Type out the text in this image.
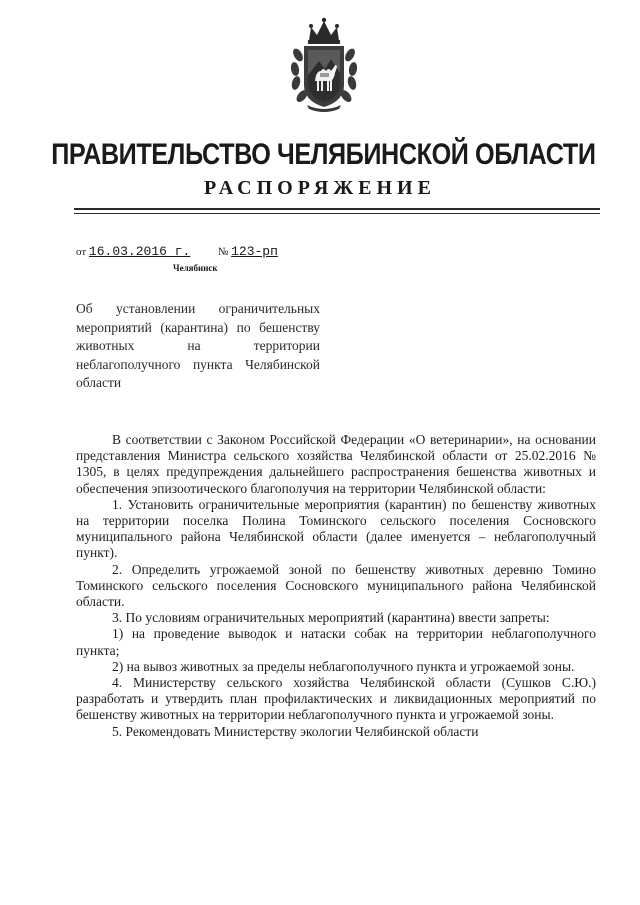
ПРАВИТЕЛЬСТВО ЧЕЛЯБИНСКОЙ ОБЛАСТИ
РАСПОРЯЖЕНИЕ
от 16.03.2016 г.	№ 123-рп
Челябинск
Об установлении ограничительных мероприятий (карантина) по бешенству животных на территории неблагополучного пункта Челябинской области

В соответствии с Законом Российской Федерации «О ветеринарии», на основании представления Министра сельского хозяйства Челябинской области от 25.02.2016 № 1305, в целях предупреждения дальнейшего распространения бешенства животных и обеспечения эпизоотического благополучия на территории Челябинской области:

1. Установить ограничительные мероприятия (карантин) по бешенству животных на территории поселка Полина Томинского сельского поселения Сосновского муниципального района Челябинской области (далее именуется – неблагополучный пункт).

2. Определить угрожаемой зоной по бешенству животных деревню Томино Томинского сельского поселения Сосновского муниципального района Челябинской области.

3. По условиям ограничительных мероприятий (карантина) ввести запреты:

1) на проведение выводок и натаски собак на территории неблагополучного пункта;

2) на вывоз животных за пределы неблагополучного пункта и угрожаемой зоны.

4. Министерству сельского хозяйства Челябинской области (Сушков С.Ю.) разработать и утвердить план профилактических и ликвидационных мероприятий по бешенству животных на территории неблагополучного пункта и угрожаемой зоны.

5. Рекомендовать Министерству экологии Челябинской области
